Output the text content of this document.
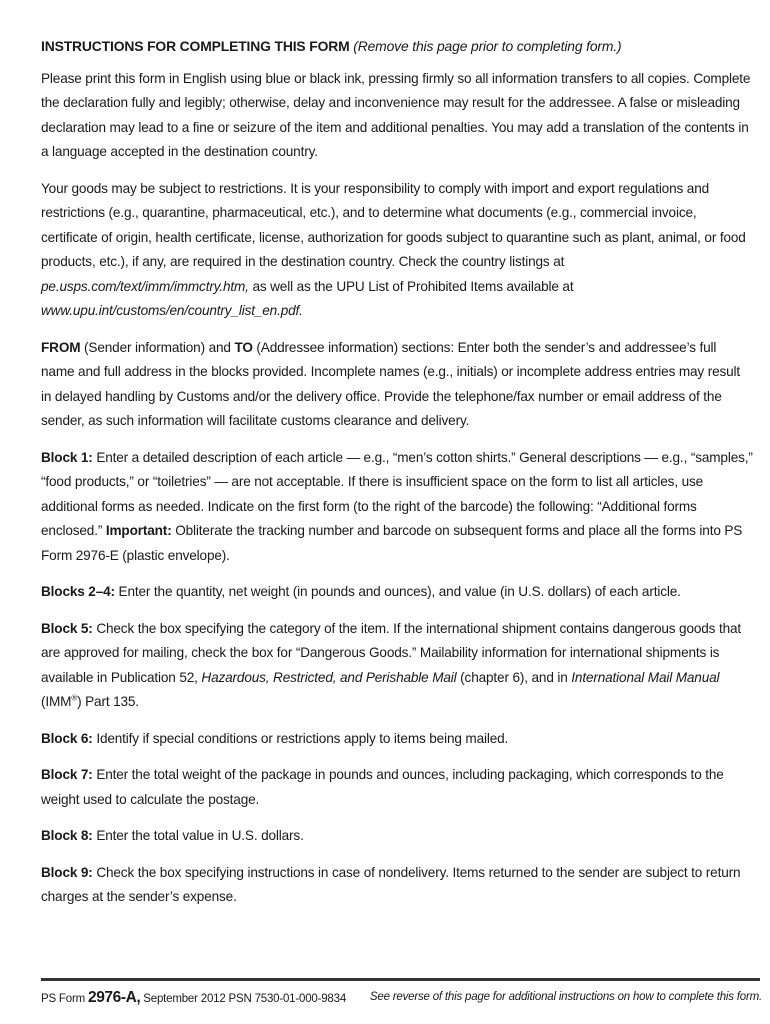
INSTRUCTIONS FOR COMPLETING THIS FORM (Remove this page prior to completing form.)

Please print this form in English using blue or black ink, pressing firmly so all information transfers to all copies. Complete the declaration fully and legibly; otherwise, delay and inconvenience may result for the addressee. A false or misleading declaration may lead to a fine or seizure of the item and additional penalties. You may add a translation of the contents in a language accepted in the destination country.

Your goods may be subject to restrictions. It is your responsibility to comply with import and export regulations and restrictions (e.g., quarantine, pharmaceutical, etc.), and to determine what documents (e.g., commercial invoice, certificate of origin, health certificate, license, authorization for goods subject to quarantine such as plant, animal, or food products, etc.), if any, are required in the destination country. Check the country listings at pe.usps.com/text/imm/immctry.htm, as well as the UPU List of Prohibited Items available at www.upu.int/customs/en/country_list_en.pdf.

FROM (Sender information) and TO (Addressee information) sections: Enter both the sender’s and addressee’s full name and full address in the blocks provided. Incomplete names (e.g., initials) or incomplete address entries may result in delayed handling by Customs and/or the delivery office. Provide the telephone/fax number or email address of the sender, as such information will facilitate customs clearance and delivery.

Block 1: Enter a detailed description of each article — e.g., “men’s cotton shirts.” General descriptions — e.g., “samples,” “food products,” or “toiletries” — are not acceptable. If there is insufficient space on the form to list all articles, use additional forms as needed. Indicate on the first form (to the right of the barcode) the following: “Additional forms enclosed.” Important: Obliterate the tracking number and barcode on subsequent forms and place all the forms into PS Form 2976-E (plastic envelope).

Blocks 2–4: Enter the quantity, net weight (in pounds and ounces), and value (in U.S. dollars) of each article.

Block 5: Check the box specifying the category of the item. If the international shipment contains dangerous goods that are approved for mailing, check the box for “Dangerous Goods.” Mailability information for international shipments is available in Publication 52, Hazardous, Restricted, and Perishable Mail (chapter 6), and in International Mail Manual (IMM®) Part 135.

Block 6: Identify if special conditions or restrictions apply to items being mailed.

Block 7: Enter the total weight of the package in pounds and ounces, including packaging, which corresponds to the weight used to calculate the postage.

Block 8: Enter the total value in U.S. dollars.

Block 9: Check the box specifying instructions in case of nondelivery. Items returned to the sender are subject to return charges at the sender’s expense.

PS Form 2976-A, September 2012 PSN 7530-01-000-9834 See reverse of this page for additional instructions on how to complete this form.
